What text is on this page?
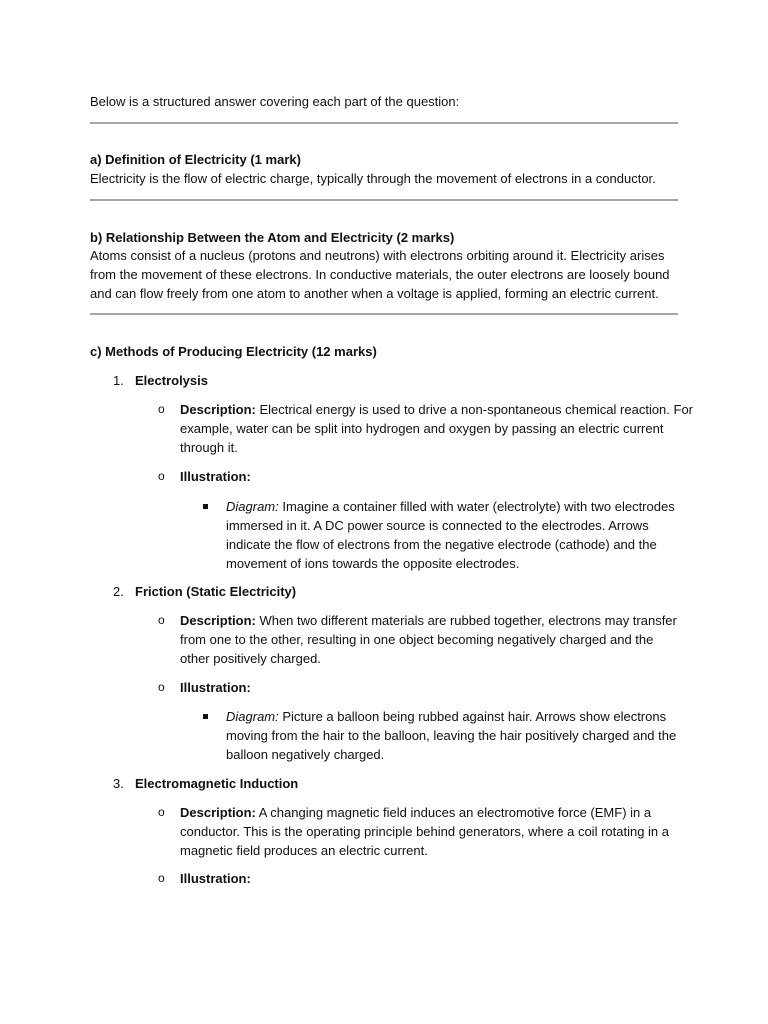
Below is a structured answer covering each part of the question:
a) Definition of Electricity (1 mark)
Electricity is the flow of electric charge, typically through the movement of electrons in a conductor.
b) Relationship Between the Atom and Electricity (2 marks)
Atoms consist of a nucleus (protons and neutrons) with electrons orbiting around it. Electricity arises
from the movement of these electrons. In conductive materials, the outer electrons are loosely bound
and can flow freely from one atom to another when a voltage is applied, forming an electric current.
c) Methods of Producing Electricity (12 marks)
1. Electrolysis
o Description: Electrical energy is used to drive a non-spontaneous chemical reaction. For
example, water can be split into hydrogen and oxygen by passing an electric current
through it.
o Illustration:
Diagram: Imagine a container filled with water (electrolyte) with two electrodes
immersed in it. A DC power source is connected to the electrodes. Arrows
indicate the flow of electrons from the negative electrode (cathode) and the
movement of ions towards the opposite electrodes.
2. Friction (Static Electricity)
o Description: When two different materials are rubbed together, electrons may transfer
from one to the other, resulting in one object becoming negatively charged and the
other positively charged.
o Illustration:
Diagram: Picture a balloon being rubbed against hair. Arrows show electrons
moving from the hair to the balloon, leaving the hair positively charged and the
balloon negatively charged.
3. Electromagnetic Induction
o Description: A changing magnetic field induces an electromotive force (EMF) in a
conductor. This is the operating principle behind generators, where a coil rotating in a
magnetic field produces an electric current.
o Illustration:
